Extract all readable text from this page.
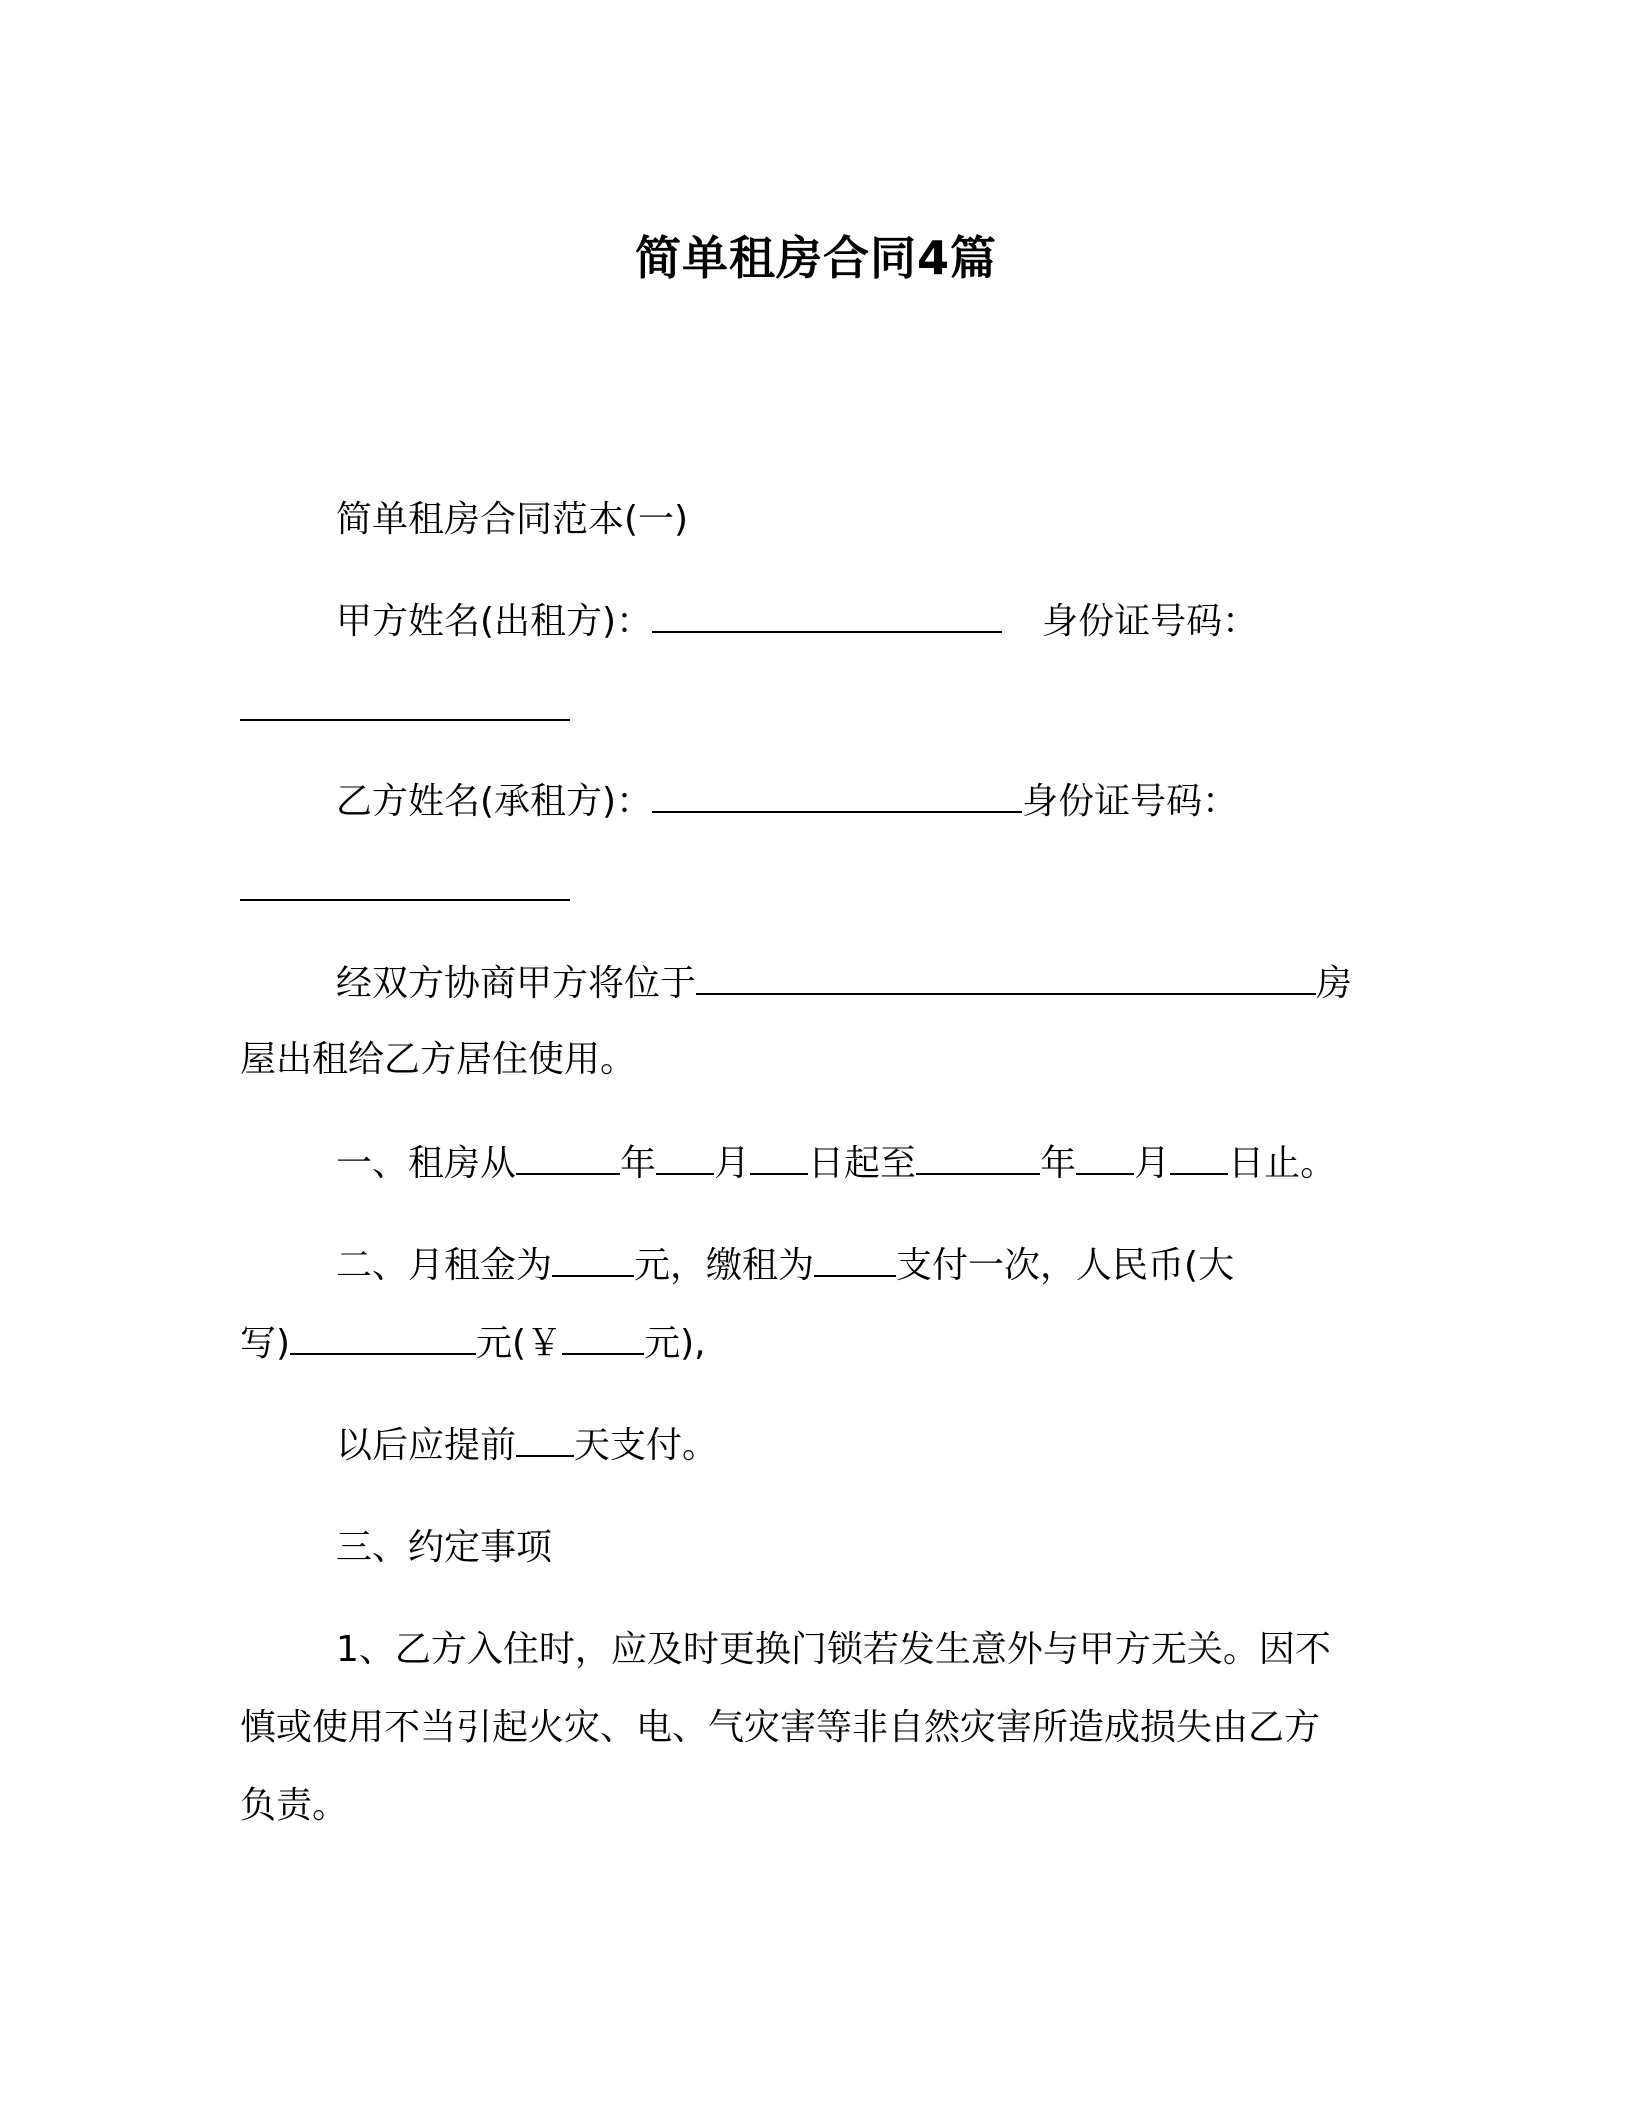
简单租房合同4篇
简单租房合同范本(一)
甲方姓名(出租方)：	身份证号码：
乙方姓名(承租方)：	身份证号码：
经双方协商甲方将位于	房
屋出租给乙方居住使用。
一、租房从	年 月 日起至	年 月 日止。
二、月租金为 元，缴租为 支付一次，人民币(大
写)	元(￥ 元),
以后应提前 天支付。
三、约定事项
1、乙方入住时，应及时更换门锁若发生意外与甲方无关。因不
慎或使用不当引起火灾、电、气灾害等非自然灾害所造成损失由乙方
负责。
